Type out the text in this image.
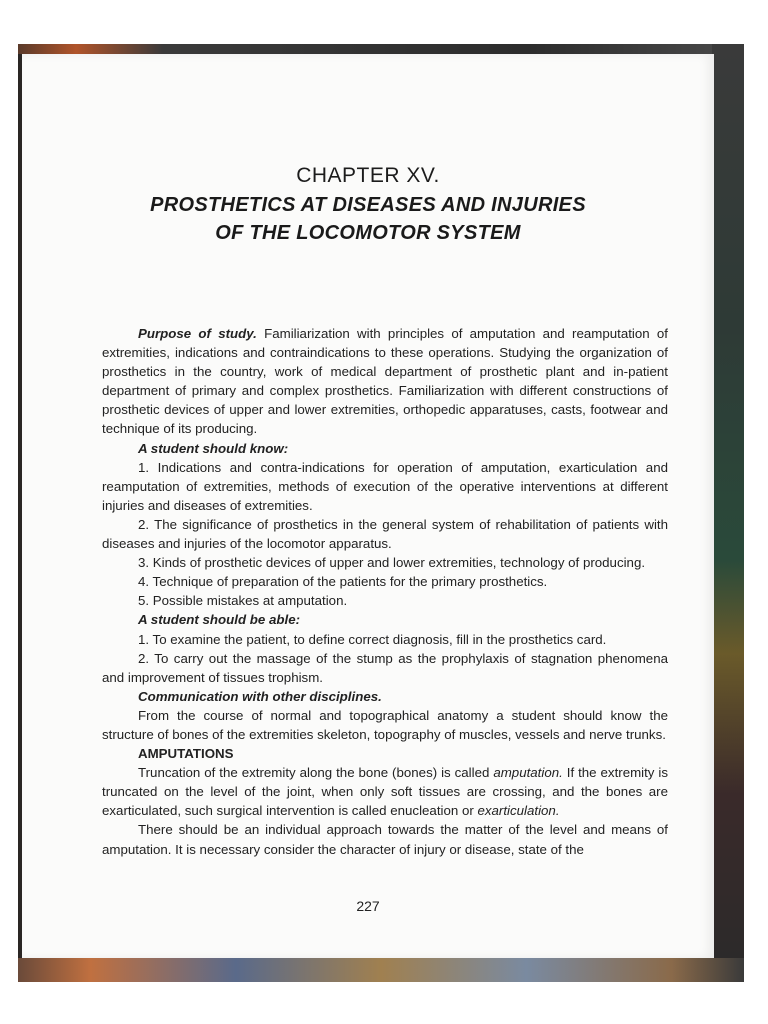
CHAPTER XV.
PROSTHETICS AT DISEASES AND INJURIES
OF THE LOCOMOTOR SYSTEM

Purpose of study. Familiarization with principles of amputation and reamputation of extremities, indications and contraindications to these operations. Studying the organization of prosthetics in the country, work of medical department of prosthetic plant and in-patient department of primary and complex prosthetics. Familiarization with different constructions of prosthetic devices of upper and lower extremities, orthopedic apparatuses, casts, footwear and technique of its producing.

A student should know:

1. Indications and contra-indications for operation of amputation, exarticulation and reamputation of extremities, methods of execution of the operative interventions at different injuries and diseases of extremities.

2. The significance of prosthetics in the general system of rehabilitation of patients with diseases and injuries of the locomotor apparatus.

3. Kinds of prosthetic devices of upper and lower extremities, technology of producing.

4. Technique of preparation of the patients for the primary prosthetics.

5. Possible mistakes at amputation.

A student should be able:

1. To examine the patient, to define correct diagnosis, fill in the prosthetics card.

2. To carry out the massage of the stump as the prophylaxis of stagnation phenomena and improvement of tissues trophism.

Communication with other disciplines.

From the course of normal and topographical anatomy a student should know the structure of bones of the extremities skeleton, topography of muscles, vessels and nerve trunks.

AMPUTATIONS

Truncation of the extremity along the bone (bones) is called amputation. If the extremity is truncated on the level of the joint, when only soft tissues are crossing, and the bones are exarticulated, such surgical intervention is called enucleation or exarticulation.

There should be an individual approach towards the matter of the level and means of amputation. It is necessary consider the character of injury or disease, state of the

227
